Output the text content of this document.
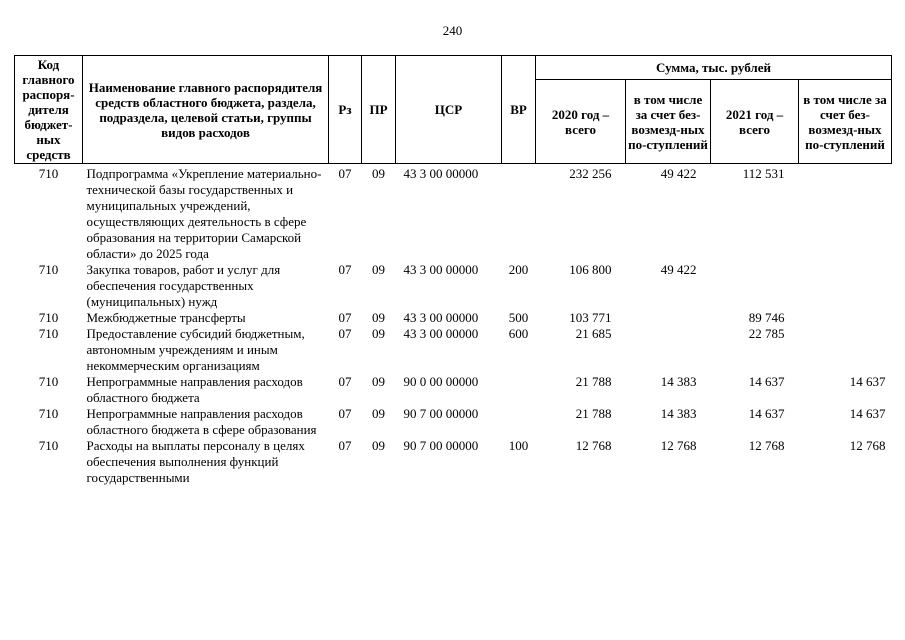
240
Код главного распоря-дителя бюджет-ных средств	Наименование главного распорядителя средств областного бюджета, раздела, подраздела, целевой статьи, группы видов расходов	Рз	ПР	ЦСР	ВР	Сумма, тыс. рублей			
						2020 год – всего	в том числе за счет без-возмезд-ных по-ступлений	2021 год – всего	в том числе за счет без-возмезд-ных по-ступлений
710	Подпрограмма «Укрепление материально-технической базы государственных и муниципальных учреждений, осуществляющих деятельность в сфере образования на территории Самарской области» до 2025 года	07	09	43 3 00 00000		232 256	49 422	112 531	
710	Закупка товаров, работ и услуг для обеспечения государственных (муниципальных) нужд	07	09	43 3 00 00000	200	106 800	49 422		
710	Межбюджетные трансферты	07	09	43 3 00 00000	500	103 771		89 746	
710	Предоставление субсидий бюджетным, автономным учреждениям и иным некоммерческим организациям	07	09	43 3 00 00000	600	21 685		22 785	
710	Непрограммные направления расходов областного бюджета	07	09	90 0 00 00000		21 788	14 383	14 637	14 637
710	Непрограммные направления расходов областного бюджета в сфере образования	07	09	90 7 00 00000		21 788	14 383	14 637	14 637
710	Расходы на выплаты персоналу в целях обеспечения выполнения функций государственными	07	09	90 7 00 00000	100	12 768	12 768	12 768	12 768
